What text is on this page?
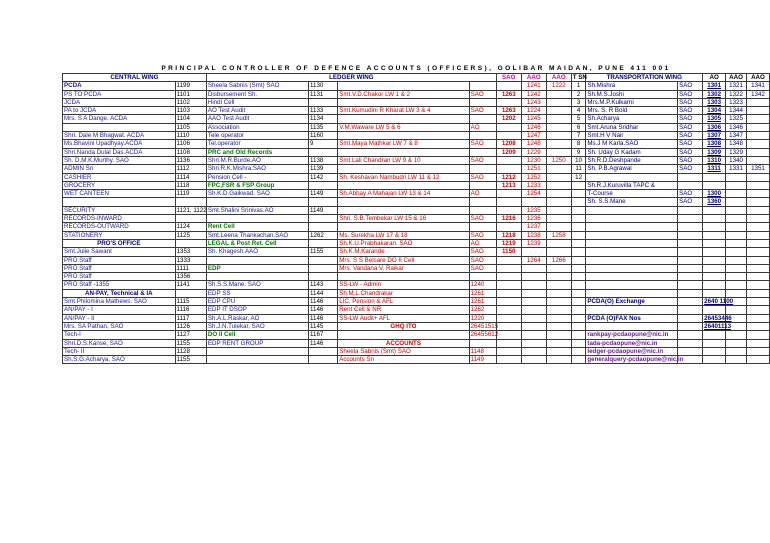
PRINCIPAL CONTROLLER OF DEFENCE ACCOUNTS (OFFICERS), GOLIBAR MAIDAN, PUNE 411 001
CENTRAL WING		LEDGER WING				SAO	AAO	AAO	T SN	TRANSPORTATION WING		AO	AAO	AAO
PCDA	1199	Sheela Sabnis (Smt) SAO	1130				1241	1222	1	Sh.Mishra	SAO	1301	1321	1341
PS TO PCDA	1101	Disbursement Sh.	1131	Smt.V.D.Chakor LW 1 & 2	SAO	1263	1242		2	Sh.M.S.Joshi	SAO	1302	1322	1342
JCDA	1102	Hindi Cell					1243		3	Mrs.M.P.Kulkarni	SAO	1303	1323	
PA to JCDA	1103	AO Test Audit	1133	Smt.Kumudini R Kharat LW 3 & 4	SAO	1263	1224		4	Mrs. S. R Bold	SAO	1304	1344	
Mrs. S A Dange. ACDA	1104	AAO Test Audit	1134			1202	1245		5	Sh.Acharya	SAO	1305	1325	
	1105	Association	1135	V.M.Waware LW 5 & 6	AO		1246		6	Smt.Aruna Sridhar	SAO	1306	1346	
Shri. Dale M Bhagwat. ACDA	1110	Tele operator	1160				1247		7	Smt.H V Nair	SAO	1307	1347	
Ms.Bhavini Upadhyay.ACDA	1106	Tel.operator	9	Smt.Maya Mathkar LW 7 & 8	SAO	1208	1248		8	Ms.J M Karla.SAO	SAO	1308	1348	
Shri.Nanda Dulal Das.ACDA	1108	PRC and Old Records				1209	1229		9	Sh. Uday G Kadam	SAO	1309	1329	
Sh. D.M.K.Murthy. SAO	1136	Shri.M.R.Burde.AO	1138	Smt.Lali Chandran LW 9 & 10	SAO		1230	1250	10	Sh.R.D.Deshpande	SAO	1310	1340	
ADMIN Sn	1112	Shri.R.K.Mishra.SAO	1139				1251		11	Sh. P.B.Agrawal	SAO	1311	1331	1351
CASHIER	1114	Pension Cell -	1142	Sh. Keshavan Nambudri LW 11 & 12	SAO	1212	1252		12					
GROCERY	1118	FPC,FSR & FSP Group				1213	1233			Sh.R.J.Kuruvilla TAPC &				
WET CANTEEN	1119	Sh.K.D.Gaikwad. SAO	1149	Sh.Abhay A Mahajan LW 13 & 14	AO		1254			T-Course	SAO	1300		
										Sh. S.S.Mane	SAO	1360		
SECURITY	1121, 1122	Smt.Shalini Srinivas.AO	1149				1235							
RECORDS-INWARD				Shri. S.B.Tembekar LW 15 & 16	SAO	1216	1236							
RECORDS-OUTWARD	1124	Rent Cell					1237							
STATIONERY	1125	Smt.Leena Thankachan.SAO	1262	Ms. Surekha LW 17 & 18	SAO	1218	1238	1258						
PRO'S OFFICE		LEGAL & Post Ret. Cell		Sh.K.U.Prabhakaran. SAO	AO	1219	1239							
Smt.Julie Sawant	1353	Sh. Khagesh.AAO	1155	Sh.K.M.Karande	SAO	1150								
PRO Staff	1333			Mrs. S S Belsare DO II Cell	SAO		1264	1266						
PRO Staff	1111	EDP		Mrs. Vandana V. Raikar	SAO									
PRO Staff	1356													
PRO Staff -1355	1141	Sh.S.S.Mane. SAO	1143	SS-LW - Admin	1240									
AN-PAY, Technical & IA		EDP SS	1144	Sh.M.L.Chandrakar	1261									
Smt.Philomina Mathews. SAO	1115	EDP CPU	1146	LIC, Pension & AFL	1261					PCDA(O) Exchange		2640 1100		
AN/PAY - I	1116	EDP IT DSOP	1146	Rent Cell & NR	1262									
AN/PAY - II	1117	Sh.A.L.Raskar, AO	1146	SS-LW Audit+ AFL	1220					PCDA (O)FAX Nos		26453446		
Mrs. SA Pathan, SAO	1126	Sh.J.N.Tulekar, SAO	1145	GHQ ITO	26451515							26401113		
Tech-I	1127	DO II Cell	1167		26455612					rankpay-pcdaopune@nic.in				
Shri.D.S.Kanse, SAO	1155	EDP RENT GROUP	1146	ACCOUNTS						tada-pcdaopune@nic.in				
Tech- II	1128			Sheela Sabnis (Smt) SAO	1148					ledger-pcdaopune@nic.in				
Sh.S.G.Acharya, SAO	1155			Accounts Sn	1149					generalquery-pcdaopune@nic.in				
